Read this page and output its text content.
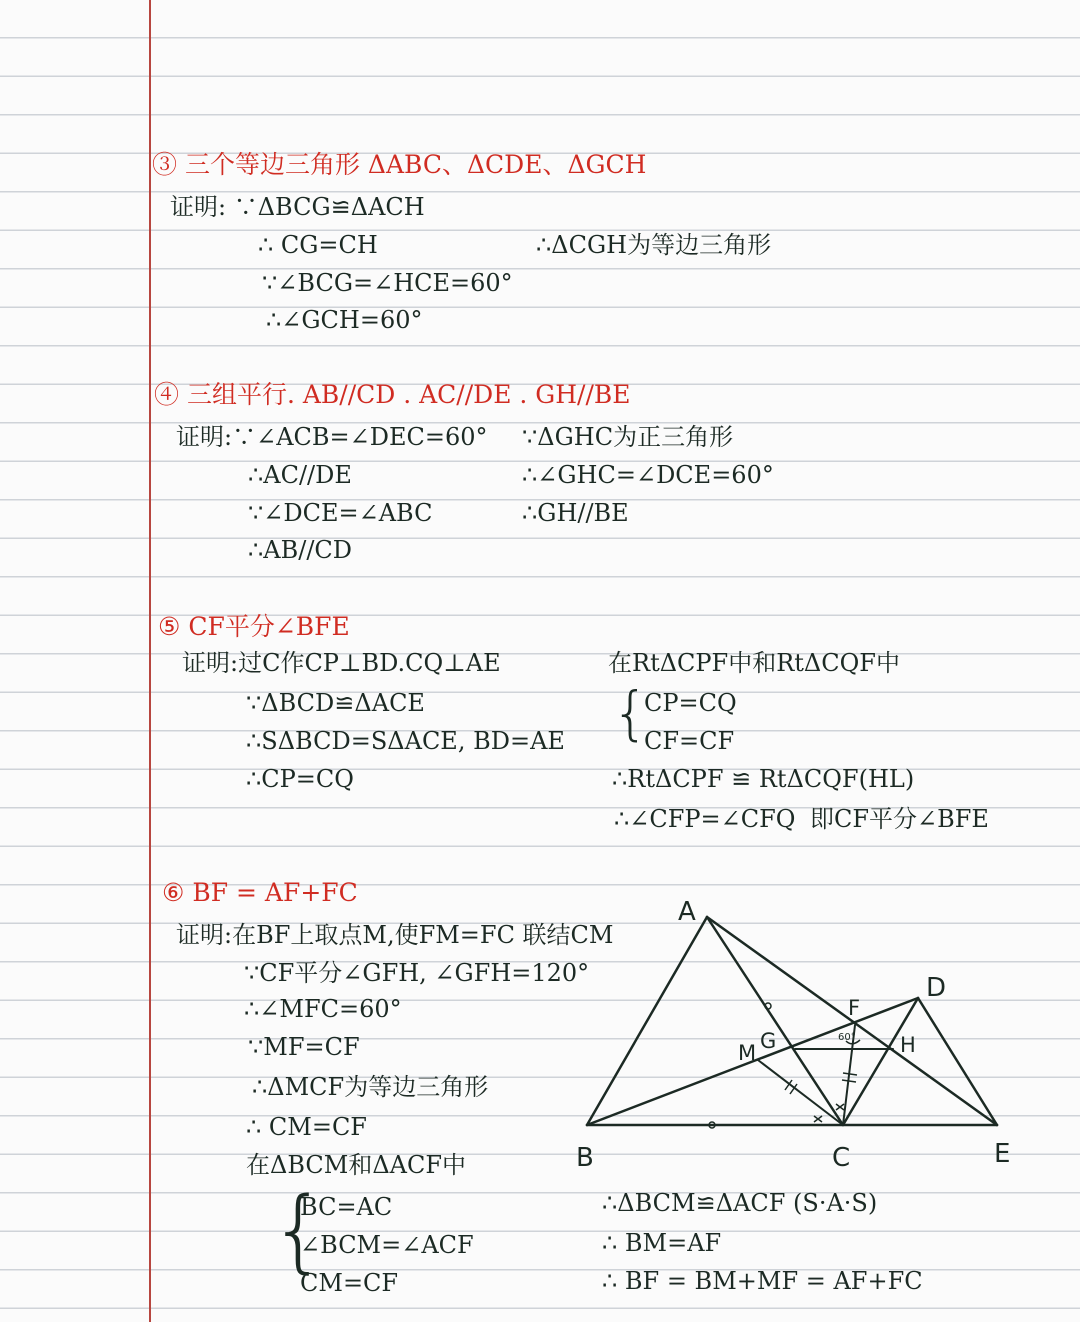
③ 三个等边三角形 ΔABC、ΔCDE、ΔGCH
证明: ∵ΔBCG≌ΔACH
∴ CG=CH
∵∠BCG=∠HCE=60°
∴∠GCH=60°
∴ΔCGH为等边三角形
④ 三组平行. AB//CD . AC//DE . GH//BE
证明:∵∠ACB=∠DEC=60°
∴AC//DE
∵∠DCE=∠ABC
∴AB//CD
∵ΔGHC为正三角形
∴∠GHC=∠DCE=60°
∴GH//BE
⑤ CF平分∠BFE
证明:过C作CP⊥BD.CQ⊥AE
∵ΔBCD≌ΔACE
∴SΔBCD=SΔACE, BD=AE
∴CP=CQ
在RtΔCPF中和RtΔCQF中
{
CP=CQ
CF=CF
∴RtΔCPF ≌ RtΔCQF(HL)
∴∠CFP=∠CFQ 即CF平分∠BFE
⑥ BF = AF+FC
证明:在BF上取点M,使FM=FC 联结CM
∵CF平分∠GFH, ∠GFH=120°
∴∠MFC=60°
∵MF=CF
∴ΔMCF为等边三角形
∴ CM=CF
在ΔBCM和ΔACF中
{
BC=AC
∠BCM=∠ACF
CM=CF
∴ΔBCM≌ΔACF (S·A·S)
∴ BM=AF
∴ BF = BM+MF = AF+FC
A
B	C
D
E
F
G	H
M
60°
